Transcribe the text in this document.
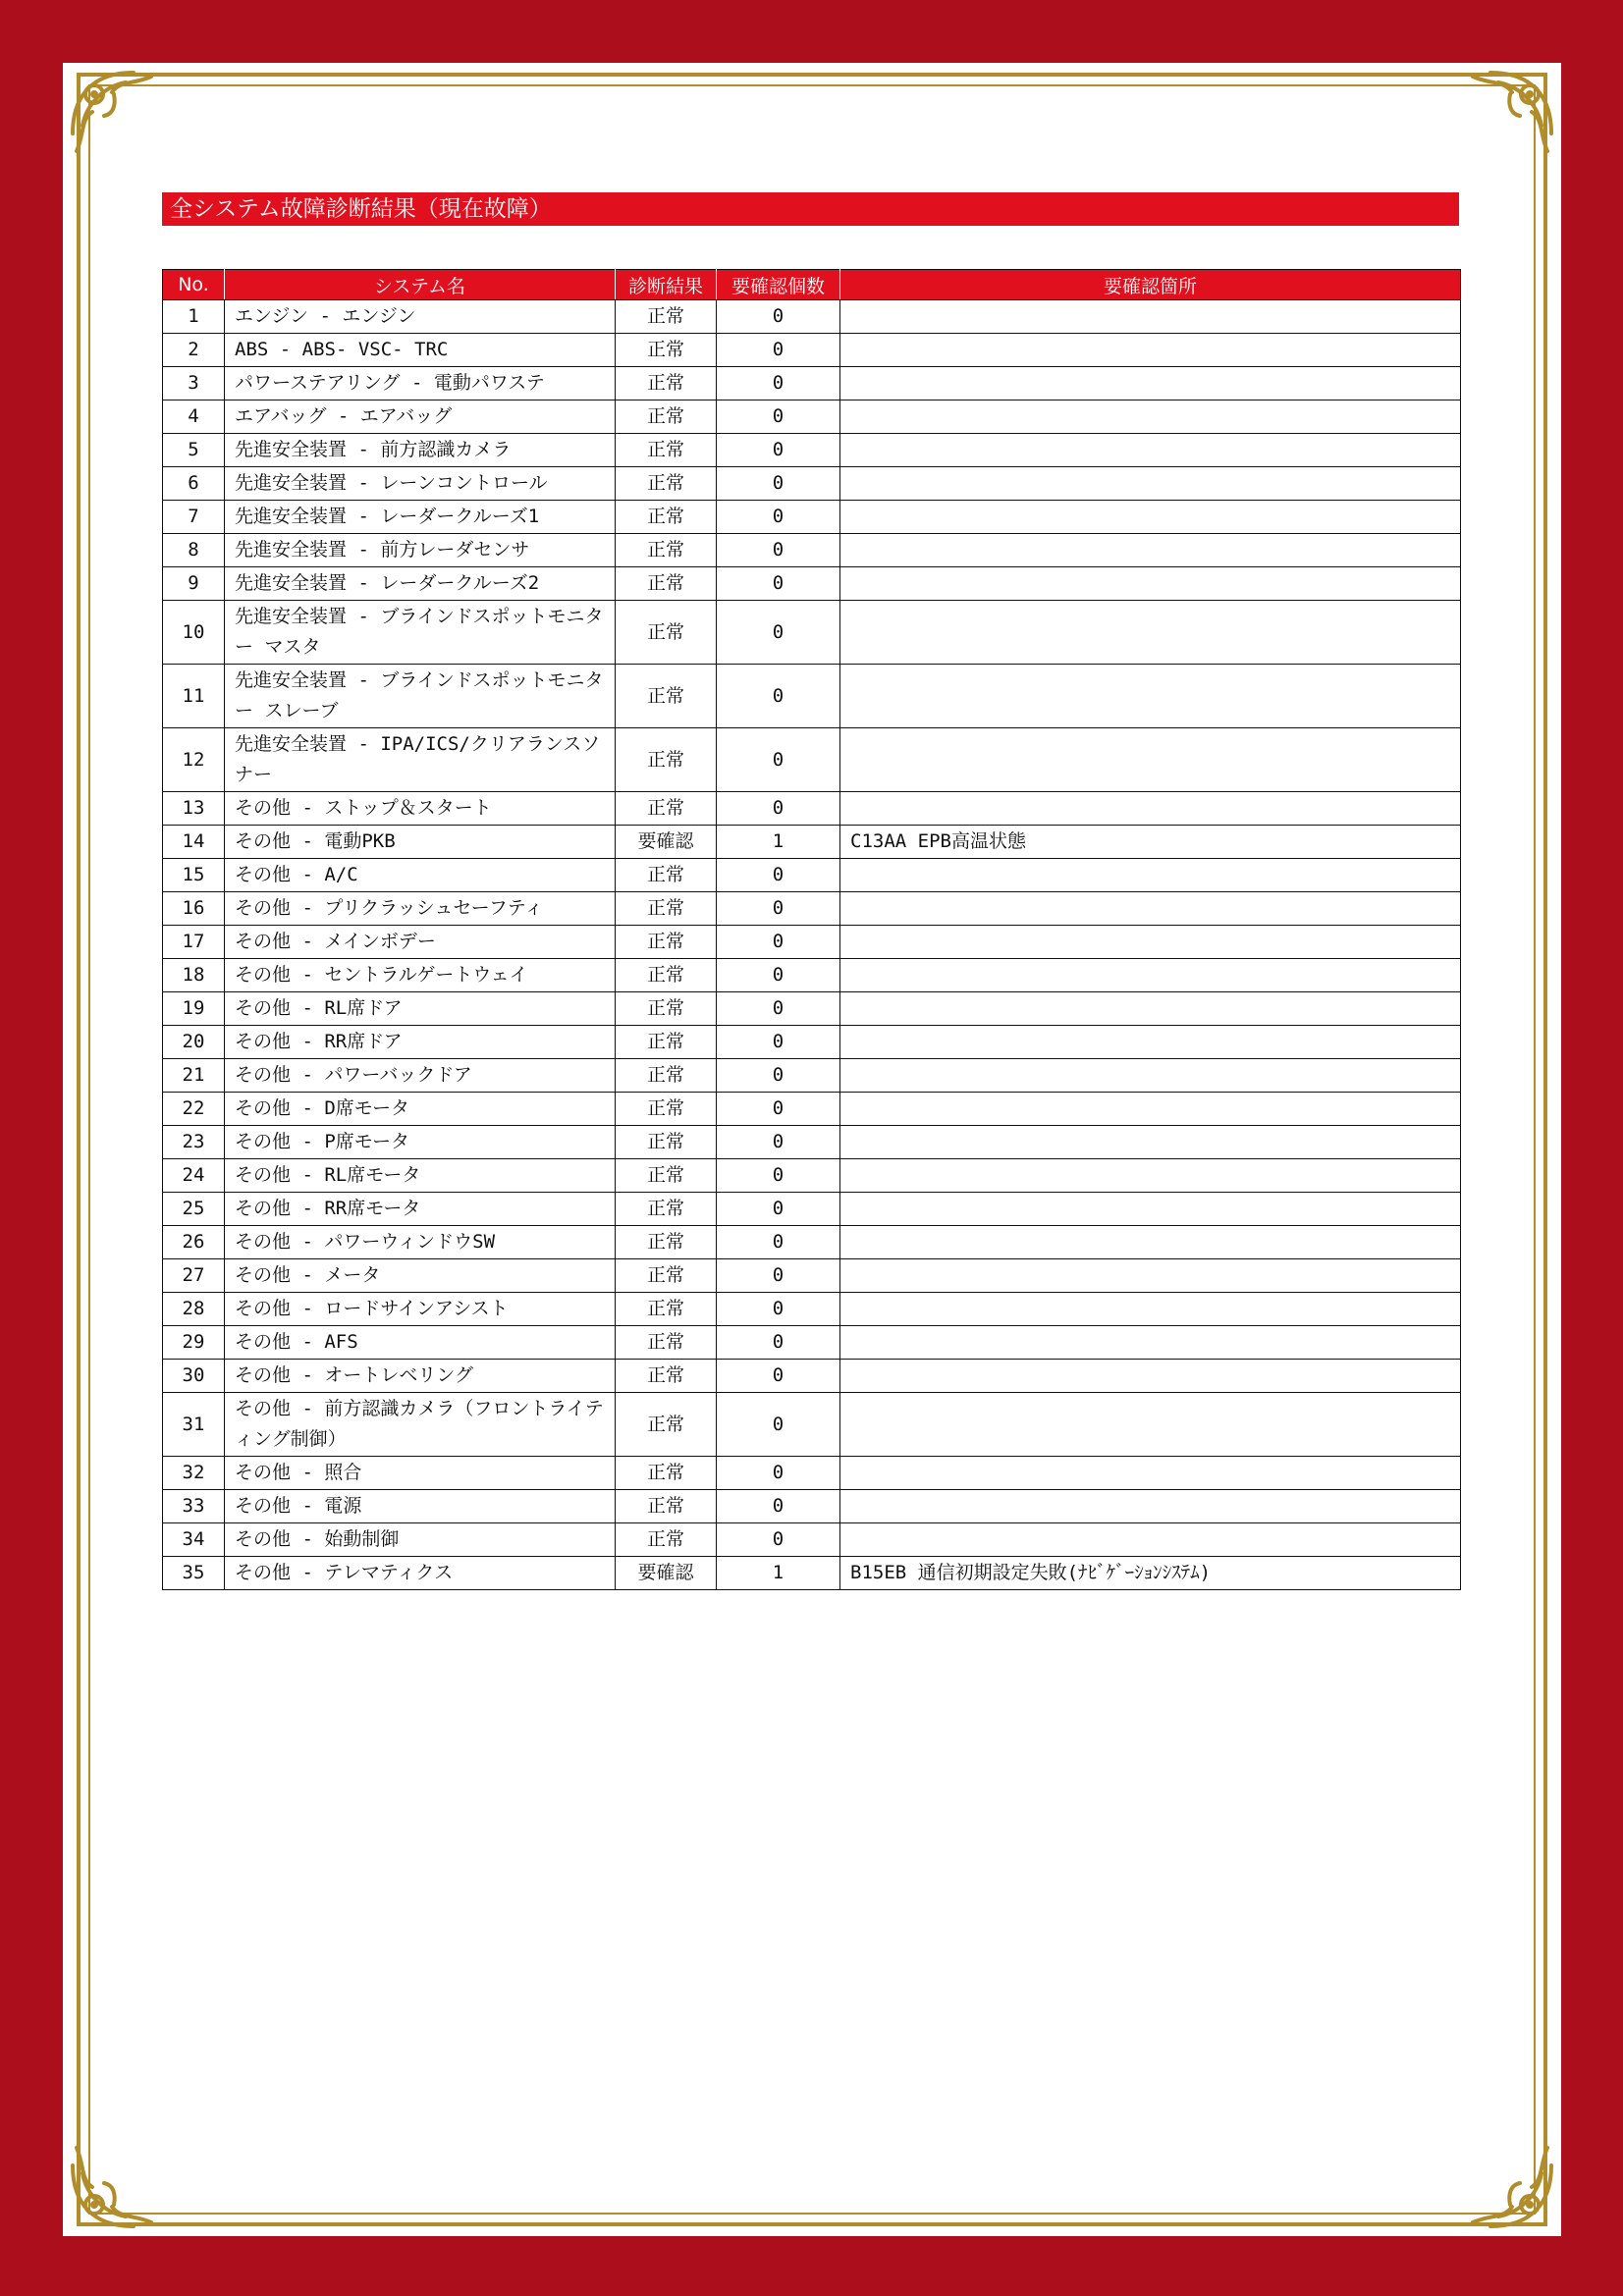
全システム故障診断結果（現在故障）
No.	システム名	診断結果	要確認個数	要確認箇所
1	エンジン - エンジン	正常	0	
2	ABS - ABS- VSC- TRC	正常	0	
3	パワーステアリング - 電動パワステ	正常	0	
4	エアバッグ - エアバッグ	正常	0	
5	先進安全装置 - 前方認識カメラ	正常	0	
6	先進安全装置 - レーンコントロール	正常	0	
7	先進安全装置 - レーダークルーズ1	正常	0	
8	先進安全装置 - 前方レーダセンサ	正常	0	
9	先進安全装置 - レーダークルーズ2	正常	0	
10	先進安全装置 - ブラインドスポットモニター マスタ	正常	0	
11	先進安全装置 - ブラインドスポットモニター スレーブ	正常	0	
12	先進安全装置 - IPA/ICS/クリアランスソナー	正常	0	
13	その他 - ストップ＆スタート	正常	0	
14	その他 - 電動PKB	要確認	1	C13AA EPB高温状態
15	その他 - A/C	正常	0	
16	その他 - プリクラッシュセーフティ	正常	0	
17	その他 - メインボデー	正常	0	
18	その他 - セントラルゲートウェイ	正常	0	
19	その他 - RL席ドア	正常	0	
20	その他 - RR席ドア	正常	0	
21	その他 - パワーバックドア	正常	0	
22	その他 - D席モータ	正常	0	
23	その他 - P席モータ	正常	0	
24	その他 - RL席モータ	正常	0	
25	その他 - RR席モータ	正常	0	
26	その他 - パワーウィンドウSW	正常	0	
27	その他 - メータ	正常	0	
28	その他 - ロードサインアシスト	正常	0	
29	その他 - AFS	正常	0	
30	その他 - オートレベリング	正常	0	
31	その他 - 前方認識カメラ（フロントライティング制御）	正常	0	
32	その他 - 照合	正常	0	
33	その他 - 電源	正常	0	
34	その他 - 始動制御	正常	0	
35	その他 - テレマティクス	要確認	1	B15EB 通信初期設定失敗(ﾅﾋﾞｹﾞｰｼｮﾝｼｽﾃﾑ)
